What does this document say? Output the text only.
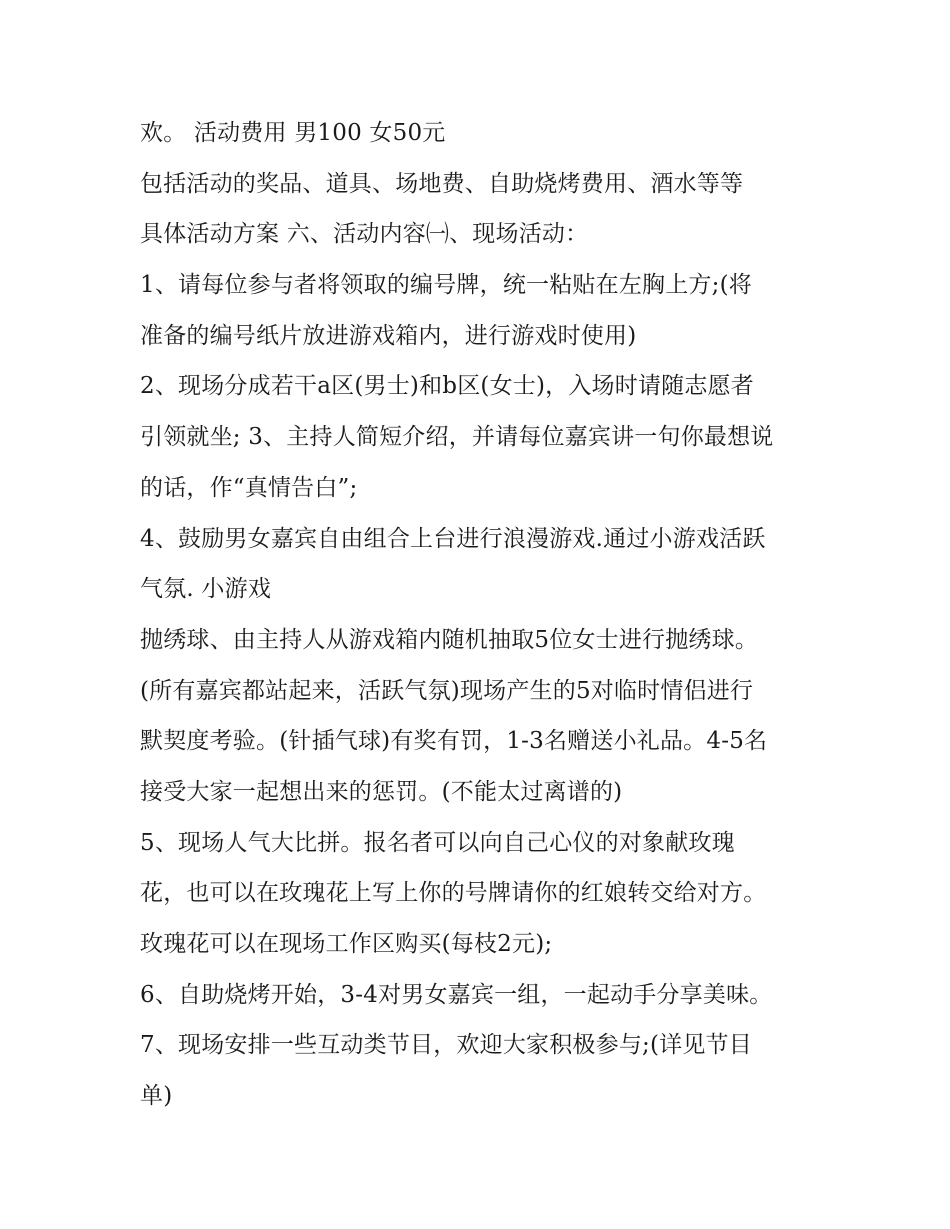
欢。 活动费用 男100 女50元
包括活动的奖品、道具、场地费、自助烧烤费用、酒水等等
具体活动方案 六、活动内容㈠、现场活动：
1、请每位参与者将领取的编号牌，统一粘贴在左胸上方;(将
准备的编号纸片放进游戏箱内，进行游戏时使用)
2、现场分成若干a区(男士)和b区(女士)，入场时请随志愿者
引领就坐; 3、主持人简短介绍，并请每位嘉宾讲一句你最想说
的话，作“真情告白”;
4、鼓励男女嘉宾自由组合上台进行浪漫游戏.通过小游戏活跃
气氛. 小游戏
抛绣球、由主持人从游戏箱内随机抽取5位女士进行抛绣球。
(所有嘉宾都站起来，活跃气氛)现场产生的5对临时情侣进行
默契度考验。(针插气球)有奖有罚，1-3名赠送小礼品。4-5名
接受大家一起想出来的惩罚。(不能太过离谱的)
5、现场人气大比拼。报名者可以向自己心仪的对象献玫瑰
花，也可以在玫瑰花上写上你的号牌请你的红娘转交给对方。
玫瑰花可以在现场工作区购买(每枝2元);
6、自助烧烤开始，3-4对男女嘉宾一组，一起动手分享美味。
7、现场安排一些互动类节目，欢迎大家积极参与;(详见节目
单)
